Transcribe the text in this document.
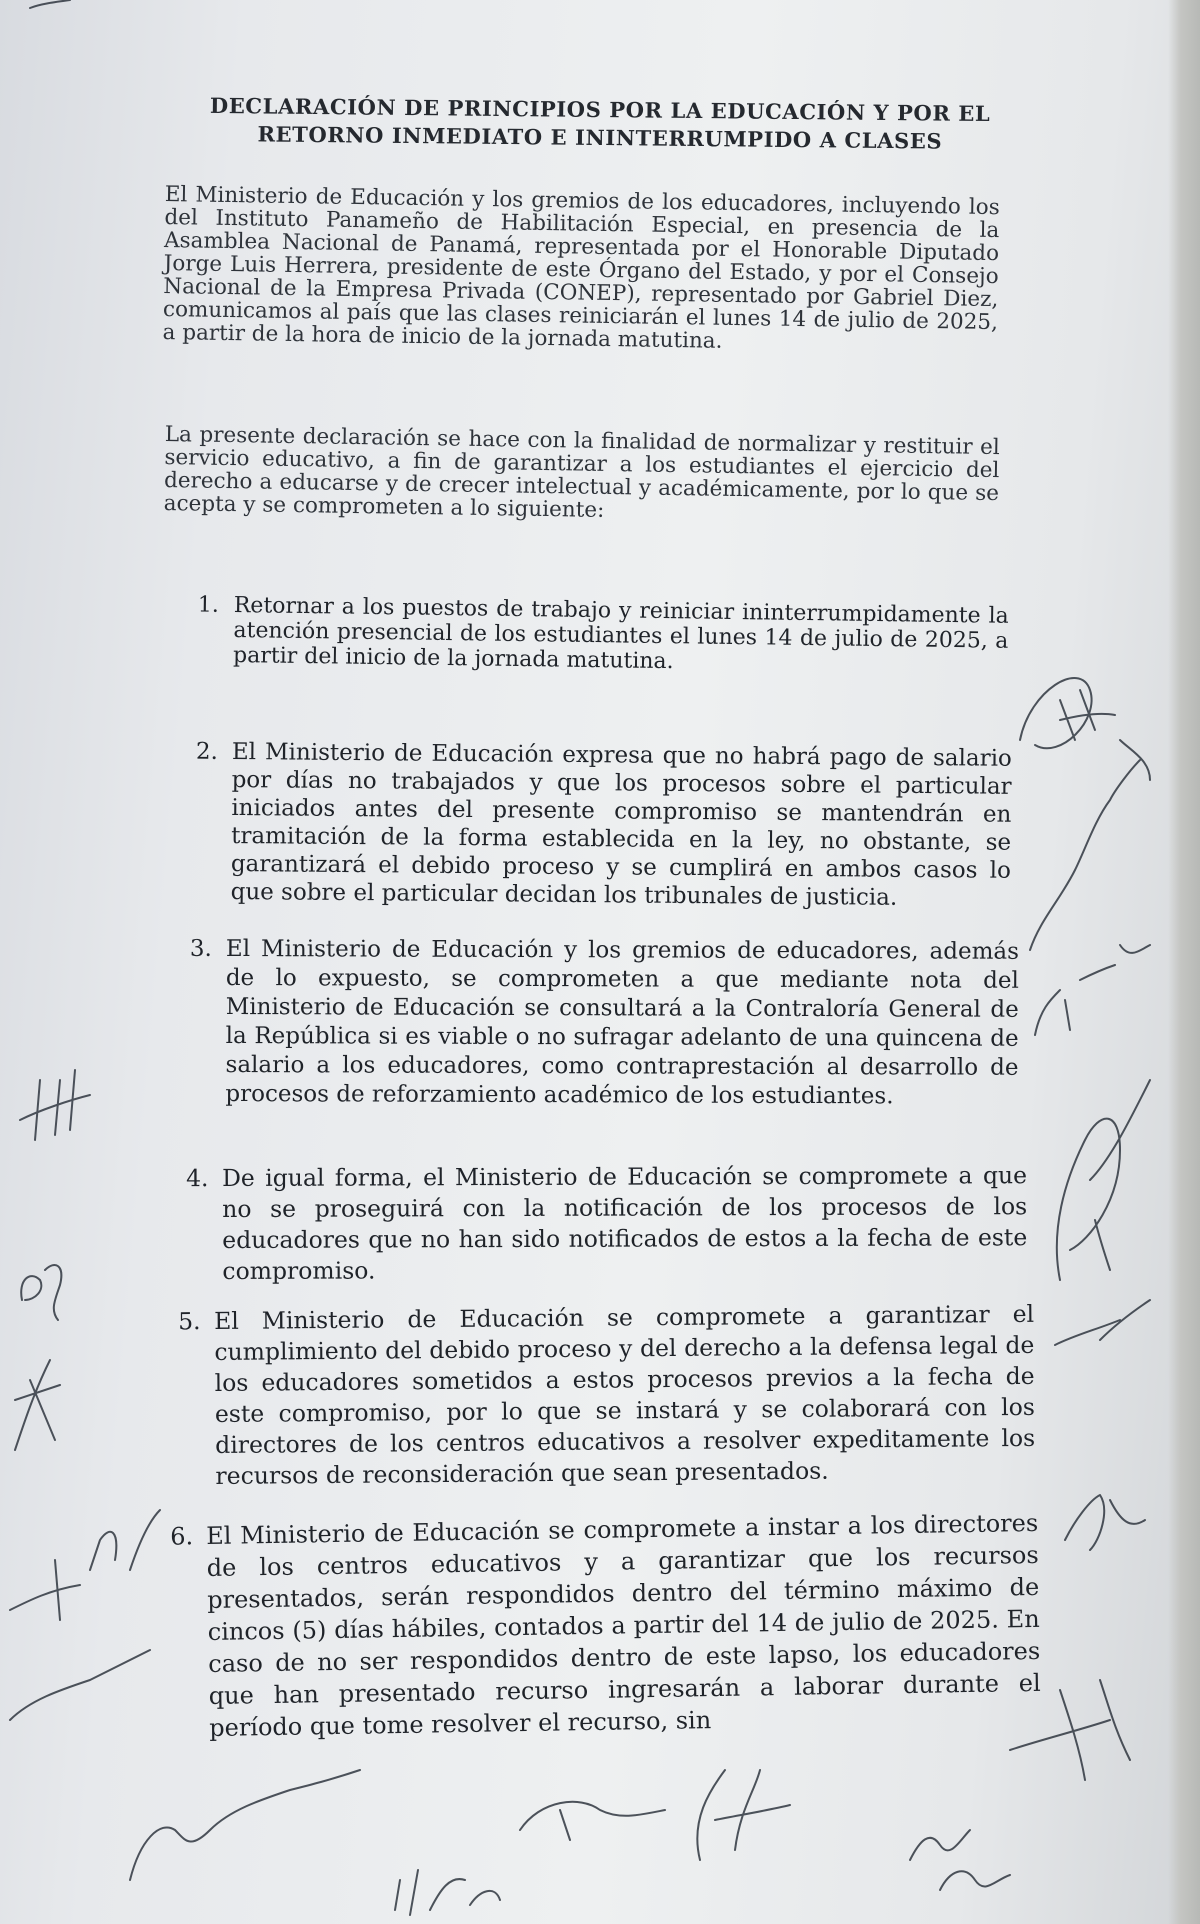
DECLARACIÓN DE PRINCIPIOS POR LA EDUCACIÓN Y POR EL RETORNO INMEDIATO E ININTERRUMPIDO A CLASES

El Ministerio de Educación y los gremios de los educadores, incluyendo los del Instituto Panameño de Habilitación Especial, en presencia de la Asamblea Nacional de Panamá, representada por el Honorable Diputado Jorge Luis Herrera, presidente de este Órgano del Estado, y por el Consejo Nacional de la Empresa Privada (CONEP), representado por Gabriel Diez, comunicamos al país que las clases reiniciarán el lunes 14 de julio de 2025, a partir de la hora de inicio de la jornada matutina.

La presente declaración se hace con la finalidad de normalizar y restituir el servicio educativo, a fin de garantizar a los estudiantes el ejercicio del derecho a educarse y de crecer intelectual y académicamente, por lo que se acepta y se comprometen a lo siguiente:

1. Retornar a los puestos de trabajo y reiniciar ininterrumpidamente la atención presencial de los estudiantes el lunes 14 de julio de 2025, a partir del inicio de la jornada matutina.
2. El Ministerio de Educación expresa que no habrá pago de salario por días no trabajados y que los procesos sobre el particular iniciados antes del presente compromiso se mantendrán en tramitación de la forma establecida en la ley, no obstante, se garantizará el debido proceso y se cumplirá en ambos casos lo que sobre el particular decidan los tribunales de justicia.
3. El Ministerio de Educación y los gremios de educadores, además de lo expuesto, se comprometen a que mediante nota del Ministerio de Educación se consultará a la Contraloría General de la República si es viable o no sufragar adelanto de una quincena de salario a los educadores, como contraprestación al desarrollo de procesos de reforzamiento académico de los estudiantes.
4. De igual forma, el Ministerio de Educación se compromete a que no se proseguirá con la notificación de los procesos de los educadores que no han sido notificados de estos a la fecha de este compromiso.
5. El Ministerio de Educación se compromete a garantizar el cumplimiento del debido proceso y del derecho a la defensa legal de los educadores sometidos a estos procesos previos a la fecha de este compromiso, por lo que se instará y se colaborará con los directores de los centros educativos a resolver expeditamente los recursos de reconsideración que sean presentados.
6. El Ministerio de Educación se compromete a instar a los directores de los centros educativos y a garantizar que los recursos presentados, serán respondidos dentro del término máximo de cincos (5) días hábiles, contados a partir del 14 de julio de 2025. En caso de no ser respondidos dentro de este lapso, los educadores que han presentado recurso ingresarán a laborar durante el período que tome resolver el recurso, sin
